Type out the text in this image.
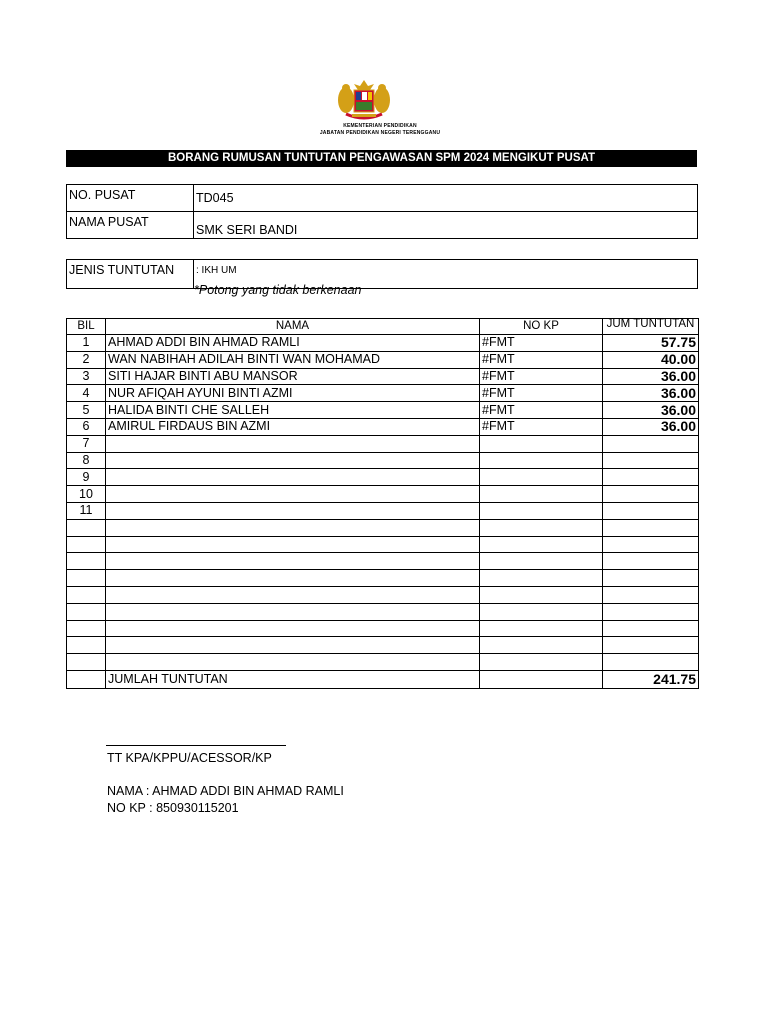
KEMENTERIAN PENDIDIKAN
JABATAN PENDIDIKAN NEGERI TERENGGANU
BORANG RUMUSAN TUNTUTAN PENGAWASAN SPM 2024 MENGIKUT PUSAT
NO. PUSAT	TD045
NAMA PUSAT	SMK SERI BANDI
JENIS TUNTUTAN	: IKH UM
*Potong yang tidak berkenaan
BIL	NAMA	NO KP	JUM TUNTUTAN
1	AHMAD ADDI BIN AHMAD RAMLI	#FMT	57.75
2	WAN NABIHAH ADILAH BINTI WAN MOHAMAD	#FMT	40.00
3	SITI HAJAR BINTI ABU MANSOR	#FMT	36.00
4	NUR AFIQAH AYUNI BINTI AZMI	#FMT	36.00
5	HALIDA BINTI CHE SALLEH	#FMT	36.00
6	AMIRUL FIRDAUS BIN AZMI	#FMT	36.00
7			
8			
9			
10			
11			

	JUMLAH TUNTUTAN		241.75
TT KPA/KPPU/ACESSOR/KP
NAMA : AHMAD ADDI BIN AHMAD RAMLI
NO KP : 850930115201
